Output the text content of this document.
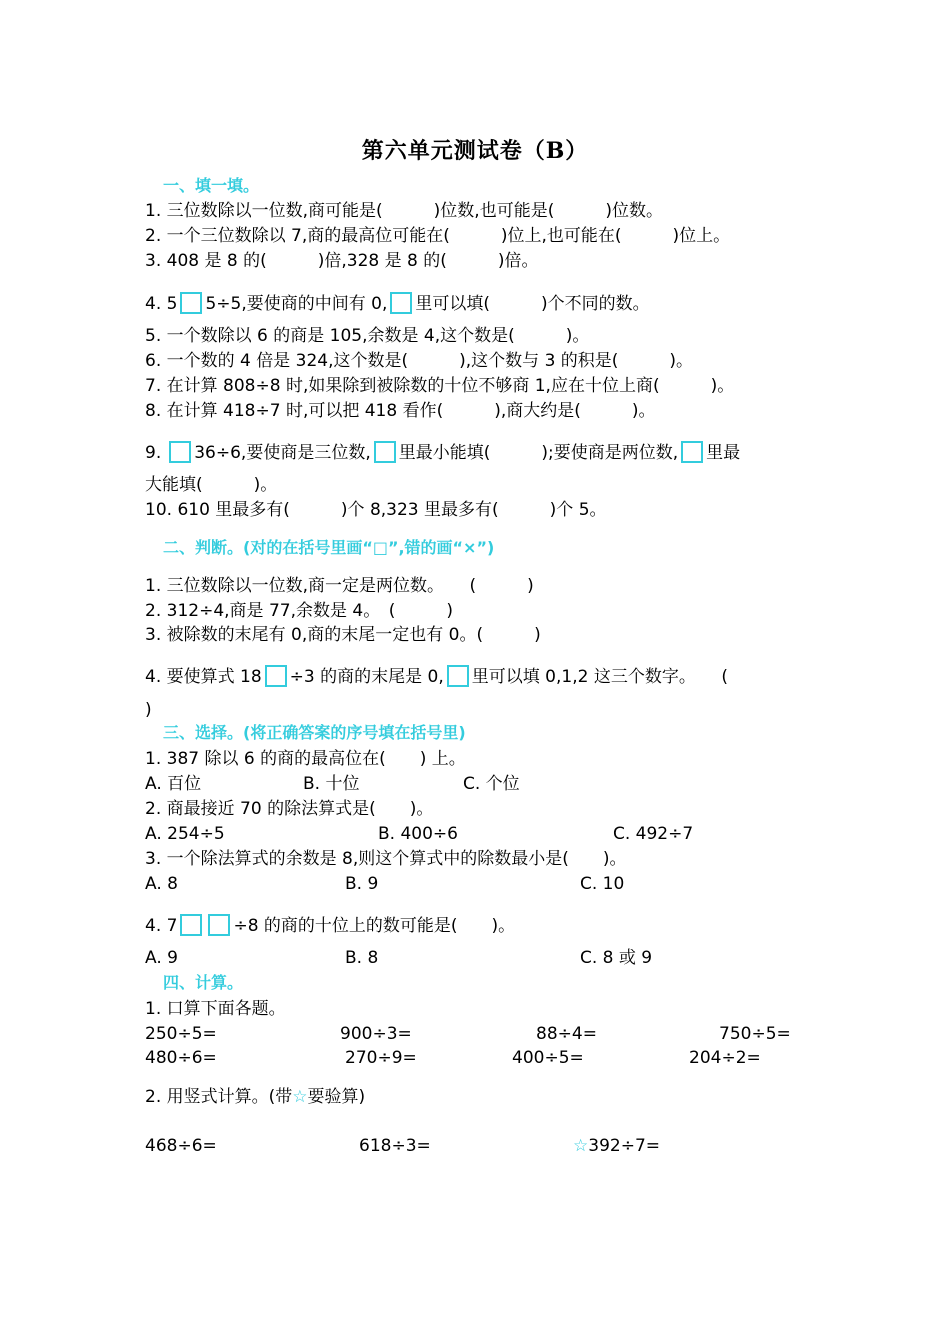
第六单元测试卷（B）
一、填一填。
1. 三位数除以一位数,商可能是(　　　)位数,也可能是(　　　)位数。
2. 一个三位数除以 7,商的最高位可能在(　　　)位上,也可能在(　　　)位上。
3. 408 是 8 的(　　　)倍,328 是 8 的(　　　)倍。
4. 5 5÷5,要使商的中间有 0, 里可以填(　　　)个不同的数。
5. 一个数除以 6 的商是 105,余数是 4,这个数是(　　　)。
6. 一个数的 4 倍是 324,这个数是(　　　),这个数与 3 的积是(　　　)。
7. 在计算 808÷8 时,如果除到被除数的十位不够商 1,应在十位上商(　　　)。
8. 在计算 418÷7 时,可以把 418 看作(　　　),商大约是(　　　)。
9. 36÷6,要使商是三位数, 里最小能填(　　　);要使商是两位数, 里最
大能填(　　　)。
10. 610 里最多有(　　　)个 8,323 里最多有(　　　)个 5。
二、判断。(对的在括号里画“□”,错的画“×”)
1. 三位数除以一位数,商一定是两位数。　　(　　　)
2. 312÷4,商是 77,余数是 4。　(　　　)
3. 被除数的末尾有 0,商的末尾一定也有 0。(　　　)
4. 要使算式 18 ÷3 的商的末尾是 0, 里可以填 0,1,2 这三个数字。　　(
)
三、选择。(将正确答案的序号填在括号里)
1. 387 除以 6 的商的最高位在(　　) 上。
A. 百位	B. 十位	C. 个位
2. 商最接近 70 的除法算式是(　　)。
A. 254÷5	B. 400÷6	C. 492÷7
3. 一个除法算式的余数是 8,则这个算式中的除数最小是(　　)。
A. 8	B. 9	C. 10
4. 7	÷8 的商的十位上的数可能是(　　)。
A. 9	B. 8	C. 8 或 9
四、计算。
1. 口算下面各题。
250÷5=	900÷3=	88÷4=	750÷5=
480÷6=	270÷9=	400÷5=	204÷2=
2. 用竖式计算。(带☆要验算)
468÷6=	618÷3=	☆392÷7=
